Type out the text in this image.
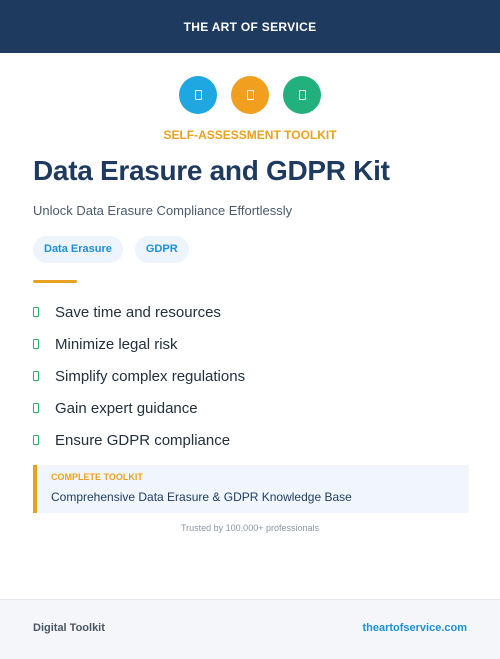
THE ART OF SERVICE
SELF-ASSESSMENT TOOLKIT
Data Erasure and GDPR Kit
Unlock Data Erasure Compliance Effortlessly
Data Erasure	GDPR
Save time and resources
Minimize legal risk
Simplify complex regulations
Gain expert guidance
Ensure GDPR compliance
COMPLETE TOOLKIT
Comprehensive Data Erasure & GDPR Knowledge Base
Trusted by 100,000+ professionals
Digital Toolkit	theartofservice.com
